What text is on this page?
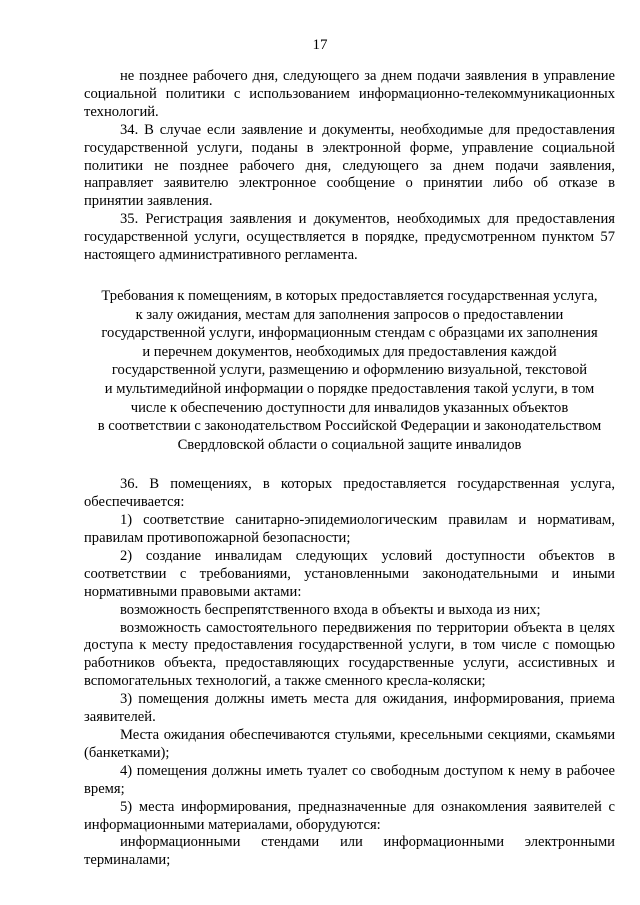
17

не позднее рабочего дня, следующего за днем подачи заявления в управление социальной политики с использованием информационно-телекоммуникационных технологий.

34. В случае если заявление и документы, необходимые для предоставления государственной услуги, поданы в электронной форме, управление социальной политики не позднее рабочего дня, следующего за днем подачи заявления, направляет заявителю электронное сообщение о принятии либо об отказе в принятии заявления.

35. Регистрация заявления и документов, необходимых для предоставления государственной услуги, осуществляется в порядке, предусмотренном пунктом 57 настоящего административного регламента.

Требования к помещениям, в которых предоставляется государственная услуга,
к залу ожидания, местам для заполнения запросов о предоставлении
государственной услуги, информационным стендам с образцами их заполнения
и перечнем документов, необходимых для предоставления каждой
государственной услуги, размещению и оформлению визуальной, текстовой
и мультимедийной информации о порядке предоставления такой услуги, в том
числе к обеспечению доступности для инвалидов указанных объектов
в соответствии с законодательством Российской Федерации и законодательством
Свердловской области о социальной защите инвалидов

36. В помещениях, в которых предоставляется государственная услуга, обеспечивается:

1) соответствие санитарно-эпидемиологическим правилам и нормативам, правилам противопожарной безопасности;

2) создание инвалидам следующих условий доступности объектов в соответствии с требованиями, установленными законодательными и иными нормативными правовыми актами:

возможность беспрепятственного входа в объекты и выхода из них;

возможность самостоятельного передвижения по территории объекта в целях доступа к месту предоставления государственной услуги, в том числе с помощью работников объекта, предоставляющих государственные услуги, ассистивных и вспомогательных технологий, а также сменного кресла-коляски;

3) помещения должны иметь места для ожидания, информирования, приема заявителей.

Места ожидания обеспечиваются стульями, кресельными секциями, скамьями (банкетками);

4) помещения должны иметь туалет со свободным доступом к нему в рабочее время;

5) места информирования, предназначенные для ознакомления заявителей с информационными материалами, оборудуются:

информационными стендами или информационными электронными терминалами;
